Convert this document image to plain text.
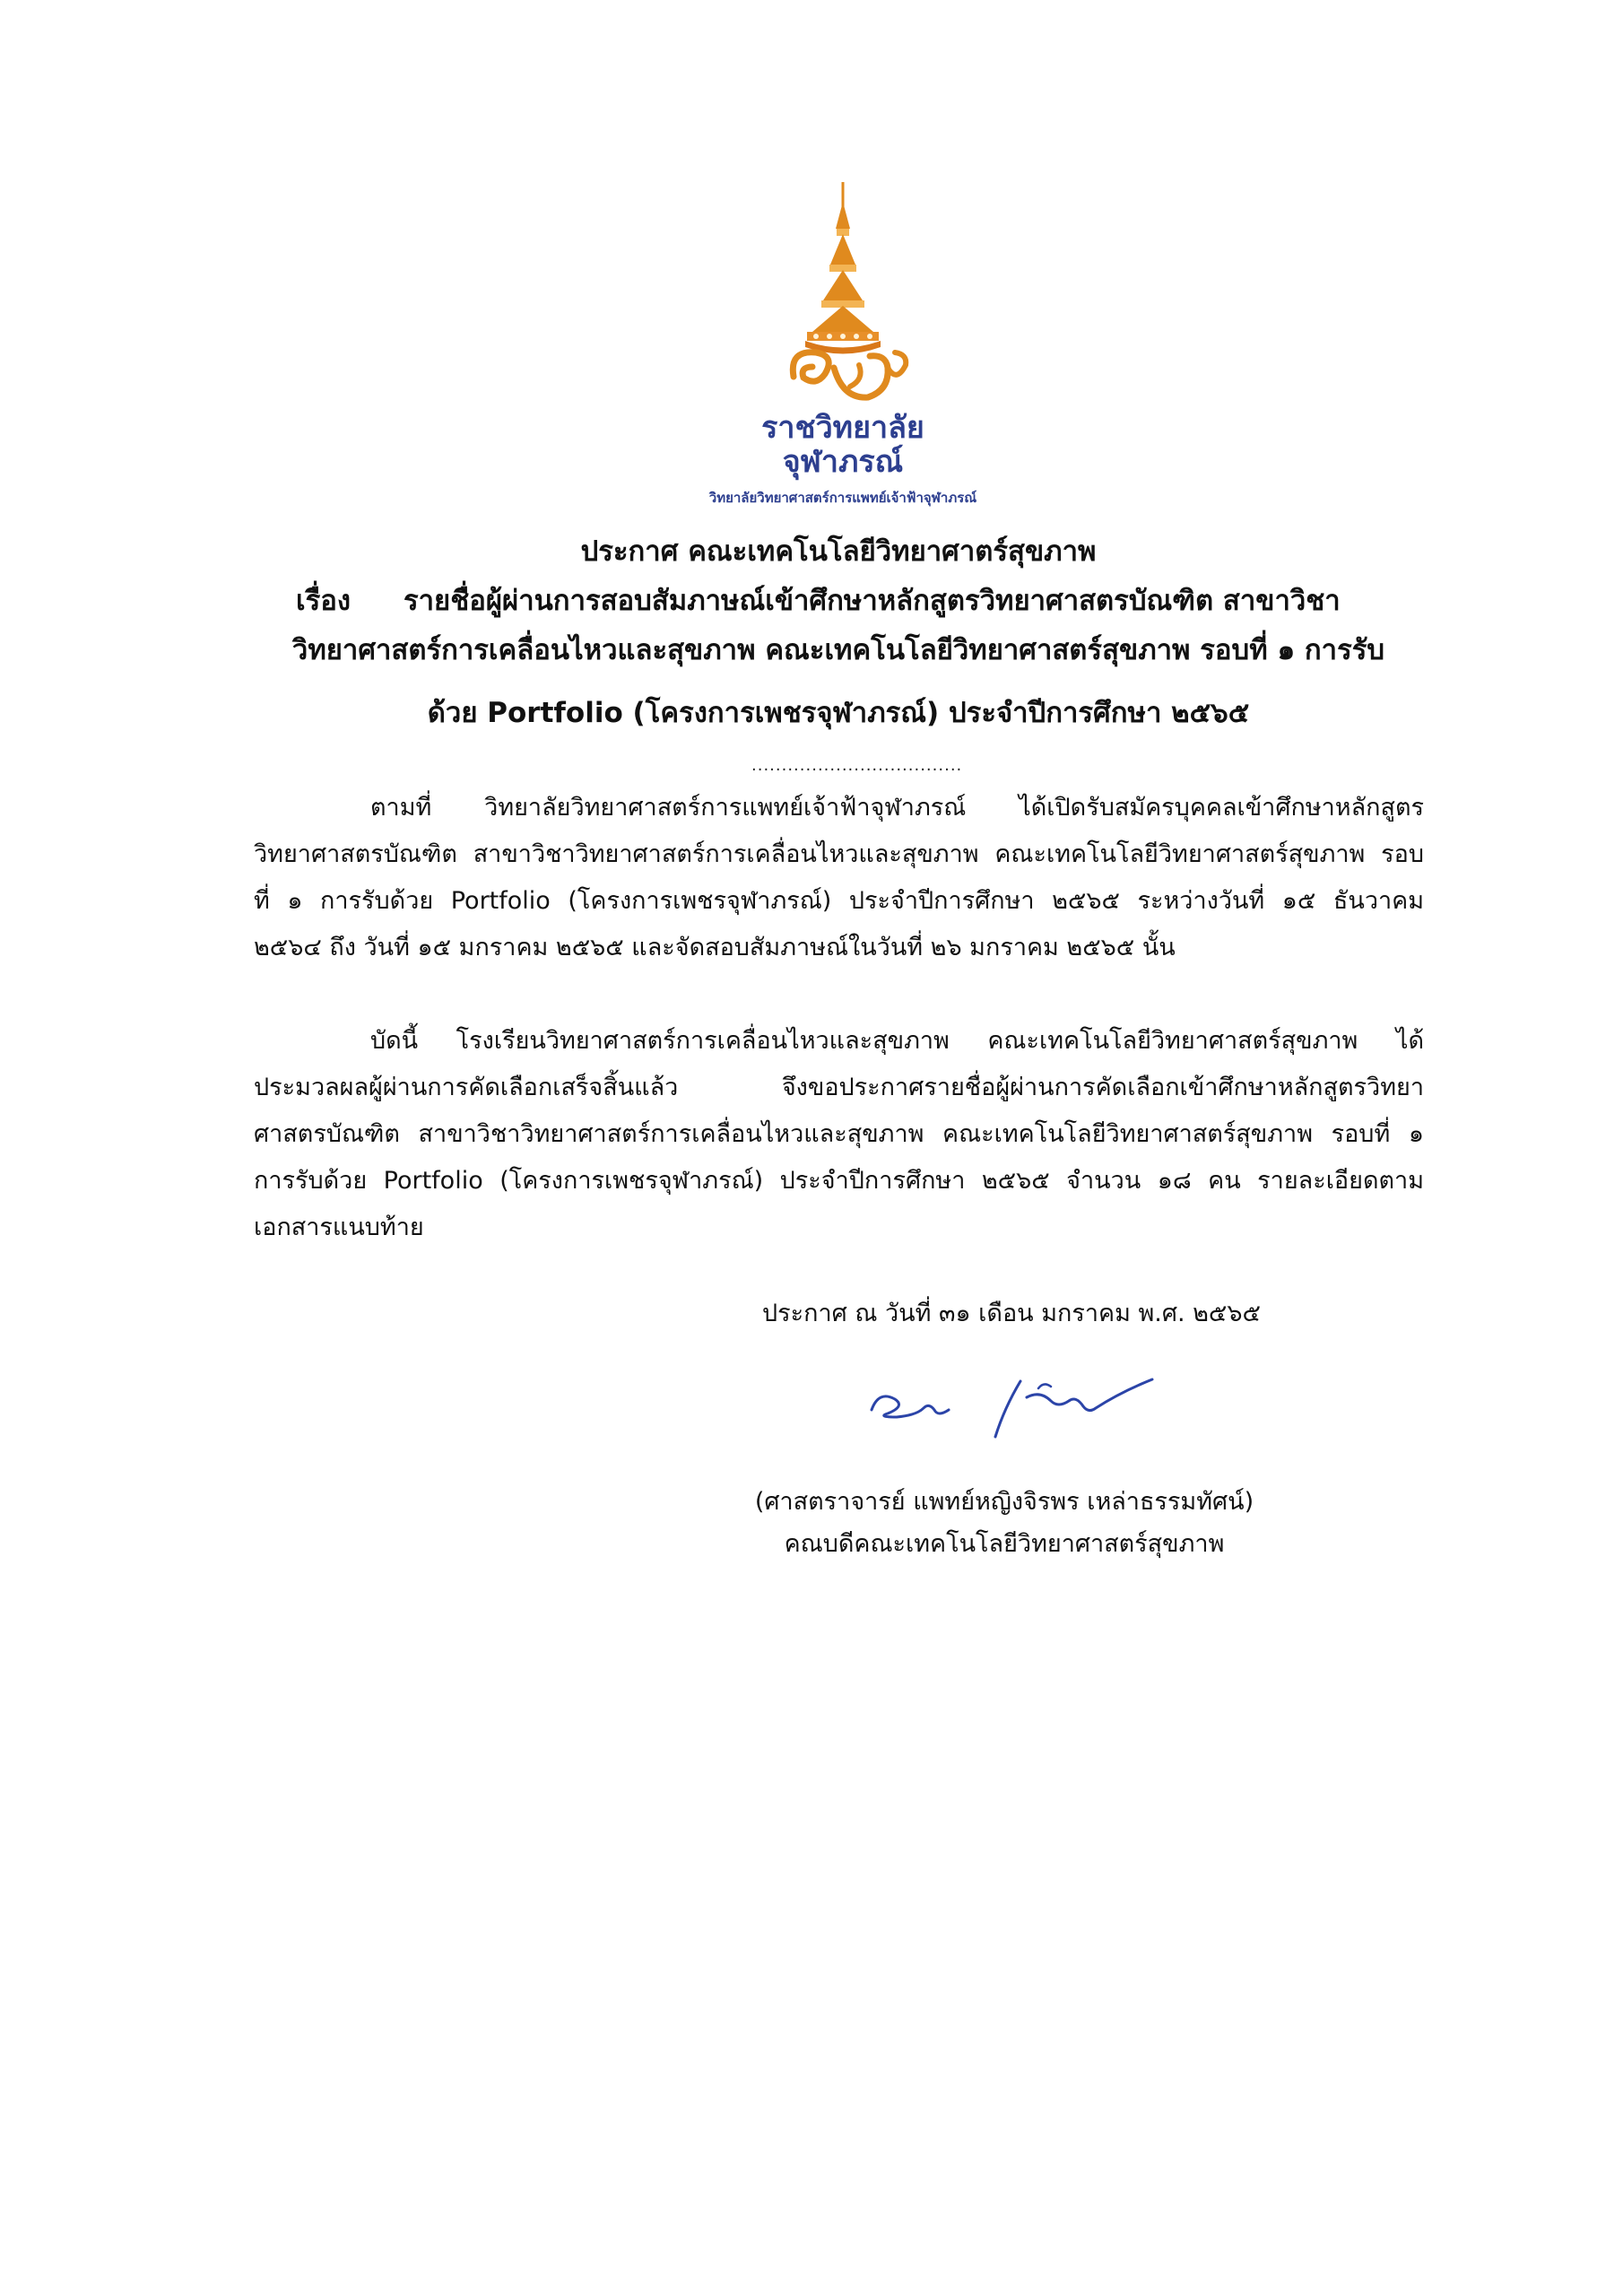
ราชวิทยาลัย
จุฬาภรณ์
วิทยาลัยวิทยาศาสตร์การแพทย์เจ้าฟ้าจุฬาภรณ์
ประกาศ คณะเทคโนโลยีวิทยาศาตร์สุขภาพ
เรื่อง รายชื่อผู้ผ่านการสอบสัมภาษณ์เข้าศึกษาหลักสูตรวิทยาศาสตรบัณฑิต สาขาวิชา
วิทยาศาสตร์การเคลื่อนไหวและสุขภาพ คณะเทคโนโลยีวิทยาศาสตร์สุขภาพ รอบที่ ๑ การรับ
ด้วย Portfolio (โครงการเพชรจุฬาภรณ์) ประจำปีการศึกษา ๒๕๖๕
...................................
ตามที่ วิทยาลัยวิทยาศาสตร์การแพทย์เจ้าฟ้าจุฬาภรณ์ ได้เปิดรับสมัครบุคคลเข้าศึกษาหลักสูตร
วิทยาศาสตรบัณฑิต สาขาวิชาวิทยาศาสตร์การเคลื่อนไหวและสุขภาพ คณะเทคโนโลยีวิทยาศาสตร์สุขภาพ รอบ
ที่ ๑ การรับด้วย Portfolio (โครงการเพชรจุฬาภรณ์) ประจำปีการศึกษา ๒๕๖๕ ระหว่างวันที่ ๑๕ ธันวาคม
๒๕๖๔ ถึง วันที่ ๑๕ มกราคม ๒๕๖๕ และจัดสอบสัมภาษณ์ในวันที่ ๒๖ มกราคม ๒๕๖๕ นั้น
บัดนี้ โรงเรียนวิทยาศาสตร์การเคลื่อนไหวและสุขภาพ คณะเทคโนโลยีวิทยาศาสตร์สุขภาพ ได้
ประมวลผลผู้ผ่านการคัดเลือกเสร็จสิ้นแล้ว จึงขอประกาศรายชื่อผู้ผ่านการคัดเลือกเข้าศึกษาหลักสูตรวิทยา
ศาสตรบัณฑิต สาขาวิชาวิทยาศาสตร์การเคลื่อนไหวและสุขภาพ คณะเทคโนโลยีวิทยาศาสตร์สุขภาพ รอบที่ ๑
การรับด้วย Portfolio (โครงการเพชรจุฬาภรณ์) ประจำปีการศึกษา ๒๕๖๕ จำนวน ๑๘ คน รายละเอียดตาม
เอกสารแนบท้าย
ประกาศ ณ วันที่ ๓๑ เดือน มกราคม พ.ศ. ๒๕๖๕
(ศาสตราจารย์ แพทย์หญิงจิรพร เหล่าธรรมทัศน์)
คณบดีคณะเทคโนโลยีวิทยาศาสตร์สุขภาพ
